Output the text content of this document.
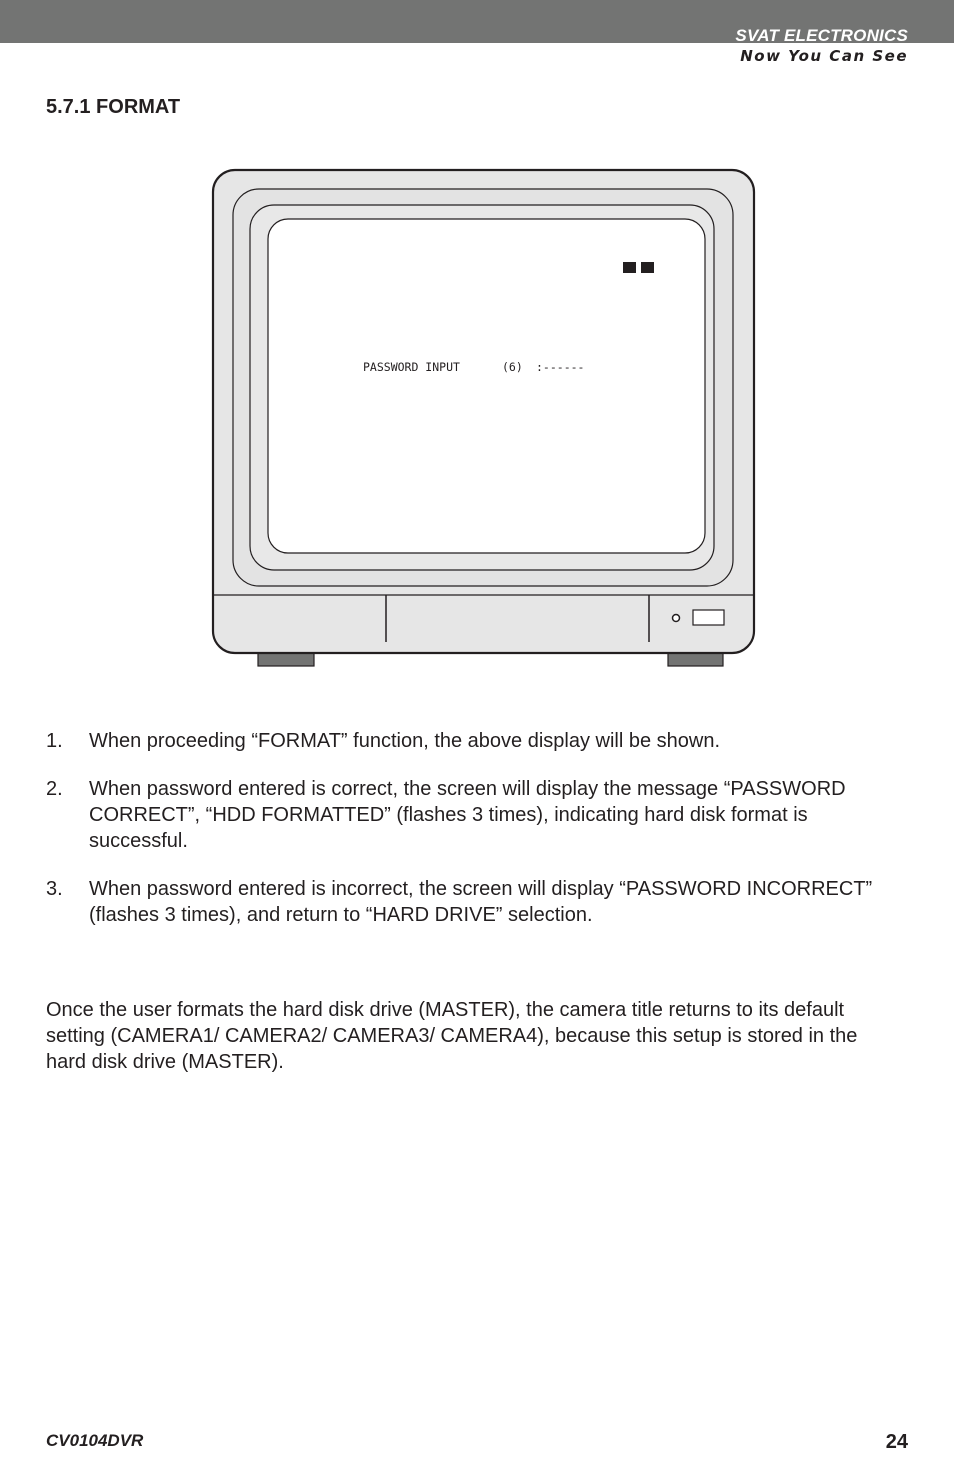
SVAT ELECTRONICS
Now You Can See
5.7.1 FORMAT
PASSWORD INPUT	(6) :------
1. When proceeding “FORMAT” function, the above display will be shown.
2. When password entered is correct, the screen will display the message “PASSWORD CORRECT”, “HDD FORMATTED” (flashes 3 times), indicating hard disk format is successful.
3. When password entered is incorrect, the screen will display “PASSWORD INCORRECT” (flashes 3 times), and return to “HARD DRIVE” selection.

Once the user formats the hard disk drive (MASTER), the camera title returns to its default setting (CAMERA1/ CAMERA2/ CAMERA3/ CAMERA4), because this setup is stored in the hard disk drive (MASTER).

CV0104DVR	24
